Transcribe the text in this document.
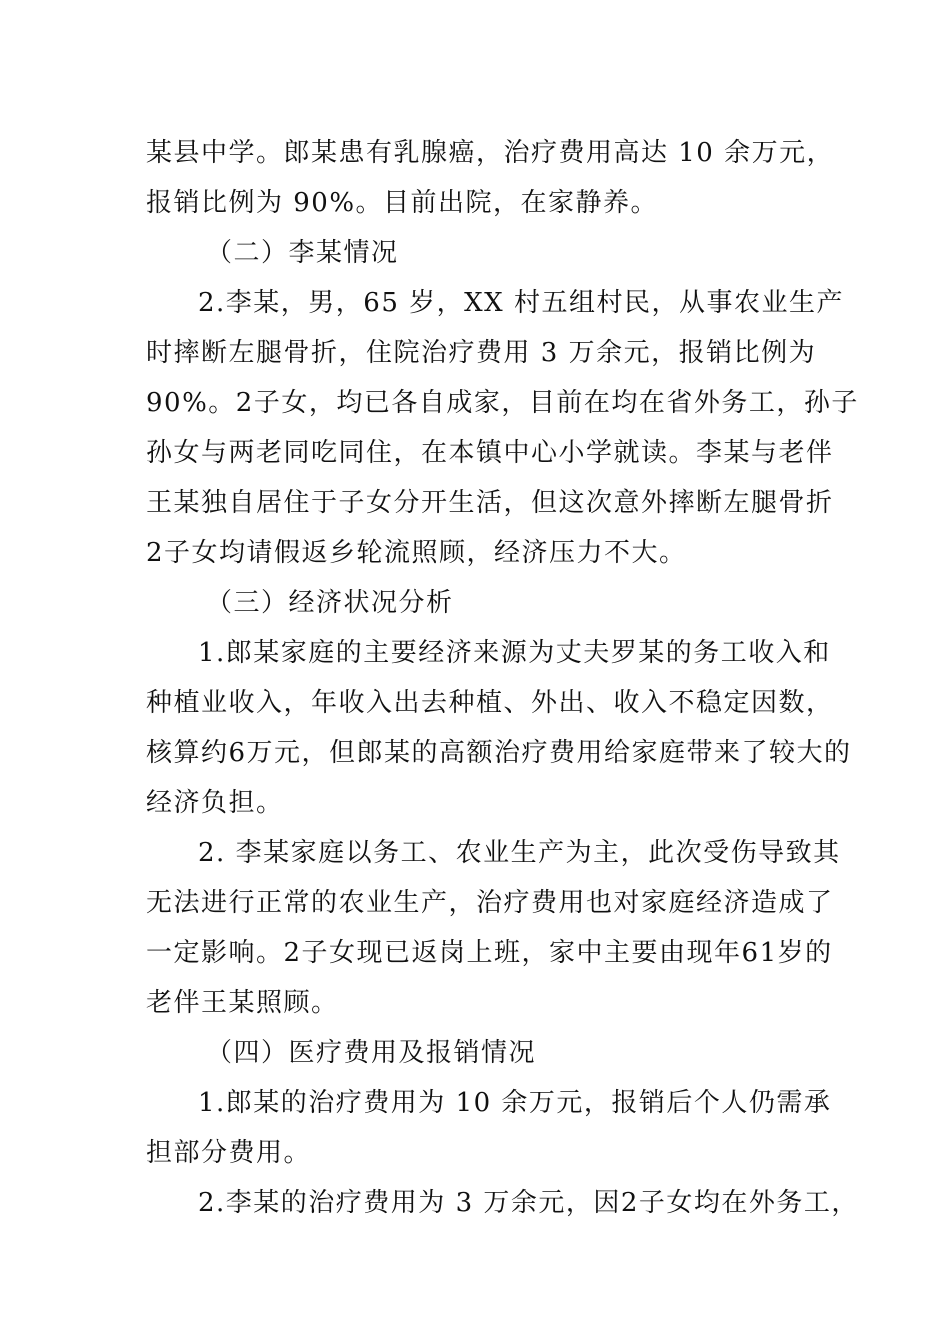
某县中学。郎某患有乳腺癌，治疗费用高达 10 余万元，
报销比例为 90%。目前出院，在家静养。
（二）李某情况
2.李某，男，65 岁，XX 村五组村民，从事农业生产
时摔断左腿骨折，住院治疗费用 3 万余元，报销比例为
90%。2子女，均已各自成家，目前在均在省外务工，孙子
孙女与两老同吃同住，在本镇中心小学就读。李某与老伴
王某独自居住于子女分开生活，但这次意外摔断左腿骨折
2子女均请假返乡轮流照顾，经济压力不大。
（三）经济状况分析
1.郎某家庭的主要经济来源为丈夫罗某的务工收入和
种植业收入，年收入出去种植、外出、收入不稳定因数，
核算约6万元，但郎某的高额治疗费用给家庭带来了较大的
经济负担。
2. 李某家庭以务工、农业生产为主，此次受伤导致其
无法进行正常的农业生产，治疗费用也对家庭经济造成了
一定影响。2子女现已返岗上班，家中主要由现年61岁的
老伴王某照顾。
（四）医疗费用及报销情况
1.郎某的治疗费用为 10 余万元，报销后个人仍需承
担部分费用。
2.李某的治疗费用为 3 万余元，因2子女均在外务工，
